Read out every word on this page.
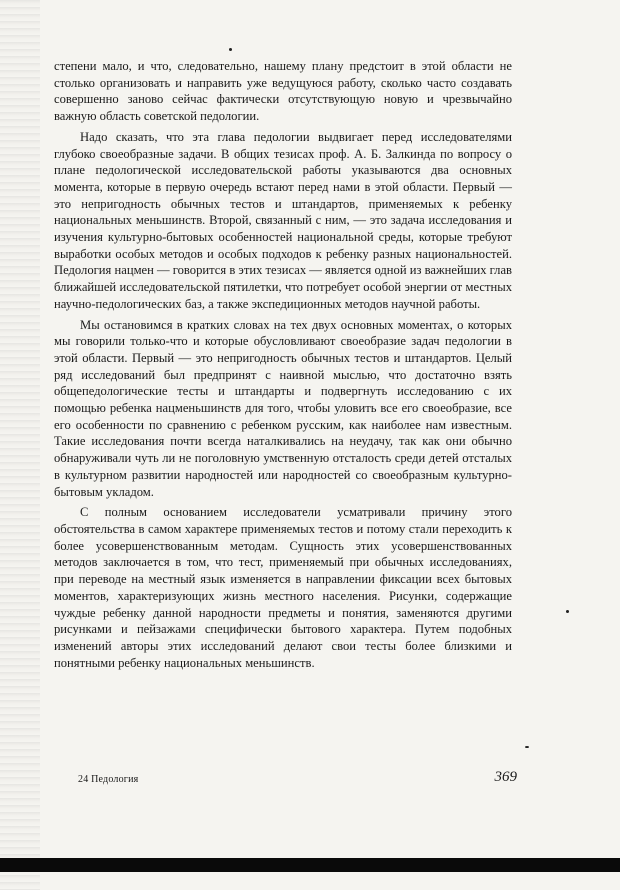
степени мало, и что, следовательно, нашему плану предстоит в этой области не столько организовать и направить уже ведущуюся работу, сколько часто создавать совершенно заново сейчас фактически отсутствующую новую и чрезвычайно важную область советской педологии.

Надо сказать, что эта глава педологии выдвигает перед исследователями глубоко своеобразные задачи. В общих тезисах проф. А. Б. Залкинда по вопросу о плане педологической исследовательской работы указываются два основных момента, которые в первую очередь встают перед нами в этой области. Первый — это непригодность обычных тестов и штандартов, применяемых к ребенку национальных меньшинств. Второй, связанный с ним, — это задача исследования и изучения культурно-бытовых особенностей национальной среды, которые требуют выработки особых методов и особых подходов к ребенку разных национальностей. Педология нацмен — говорится в этих тезисах — является одной из важнейших глав ближайшей исследовательской пятилетки, что потребует особой энергии от местных научно-педологических баз, а также экспедиционных методов научной работы.

Мы остановимся в кратких словах на тех двух основных моментах, о которых мы говорили только-что и которые обусловливают своеобразие задач педологии в этой области. Первый — это непригодность обычных тестов и штандартов. Целый ряд исследований был предпринят с наивной мыслью, что достаточно взять общепедологические тесты и штандарты и подвергнуть исследованию с их помощью ребенка нацменьшинств для того, чтобы уловить все его своеобразие, все его особенности по сравнению с ребенком русским, как наиболее нам известным. Такие исследования почти всегда наталкивались на неудачу, так как они обычно обнаруживали чуть ли не поголовную умственную отсталость среди детей отсталых в культурном развитии народностей или народностей со своеобразным культурно-бытовым укладом.

С полным основанием исследователи усматривали причину этого обстоятельства в самом характере применяемых тестов и потому стали переходить к более усовершенствованным методам. Сущность этих усовершенствованных методов заключается в том, что тест, применяемый при обычных исследованиях, при переводе на местный язык изменяется в направлении фиксации всех бытовых моментов, характеризующих жизнь местного населения. Рисунки, содержащие чуждые ребенку данной народности предметы и понятия, заменяются другими рисунками и пейзажами специфически бытового характера. Путем подобных изменений авторы этих исследований делают свои тесты более близкими и понятными ребенку национальных меньшинств.

24 Педология	369
